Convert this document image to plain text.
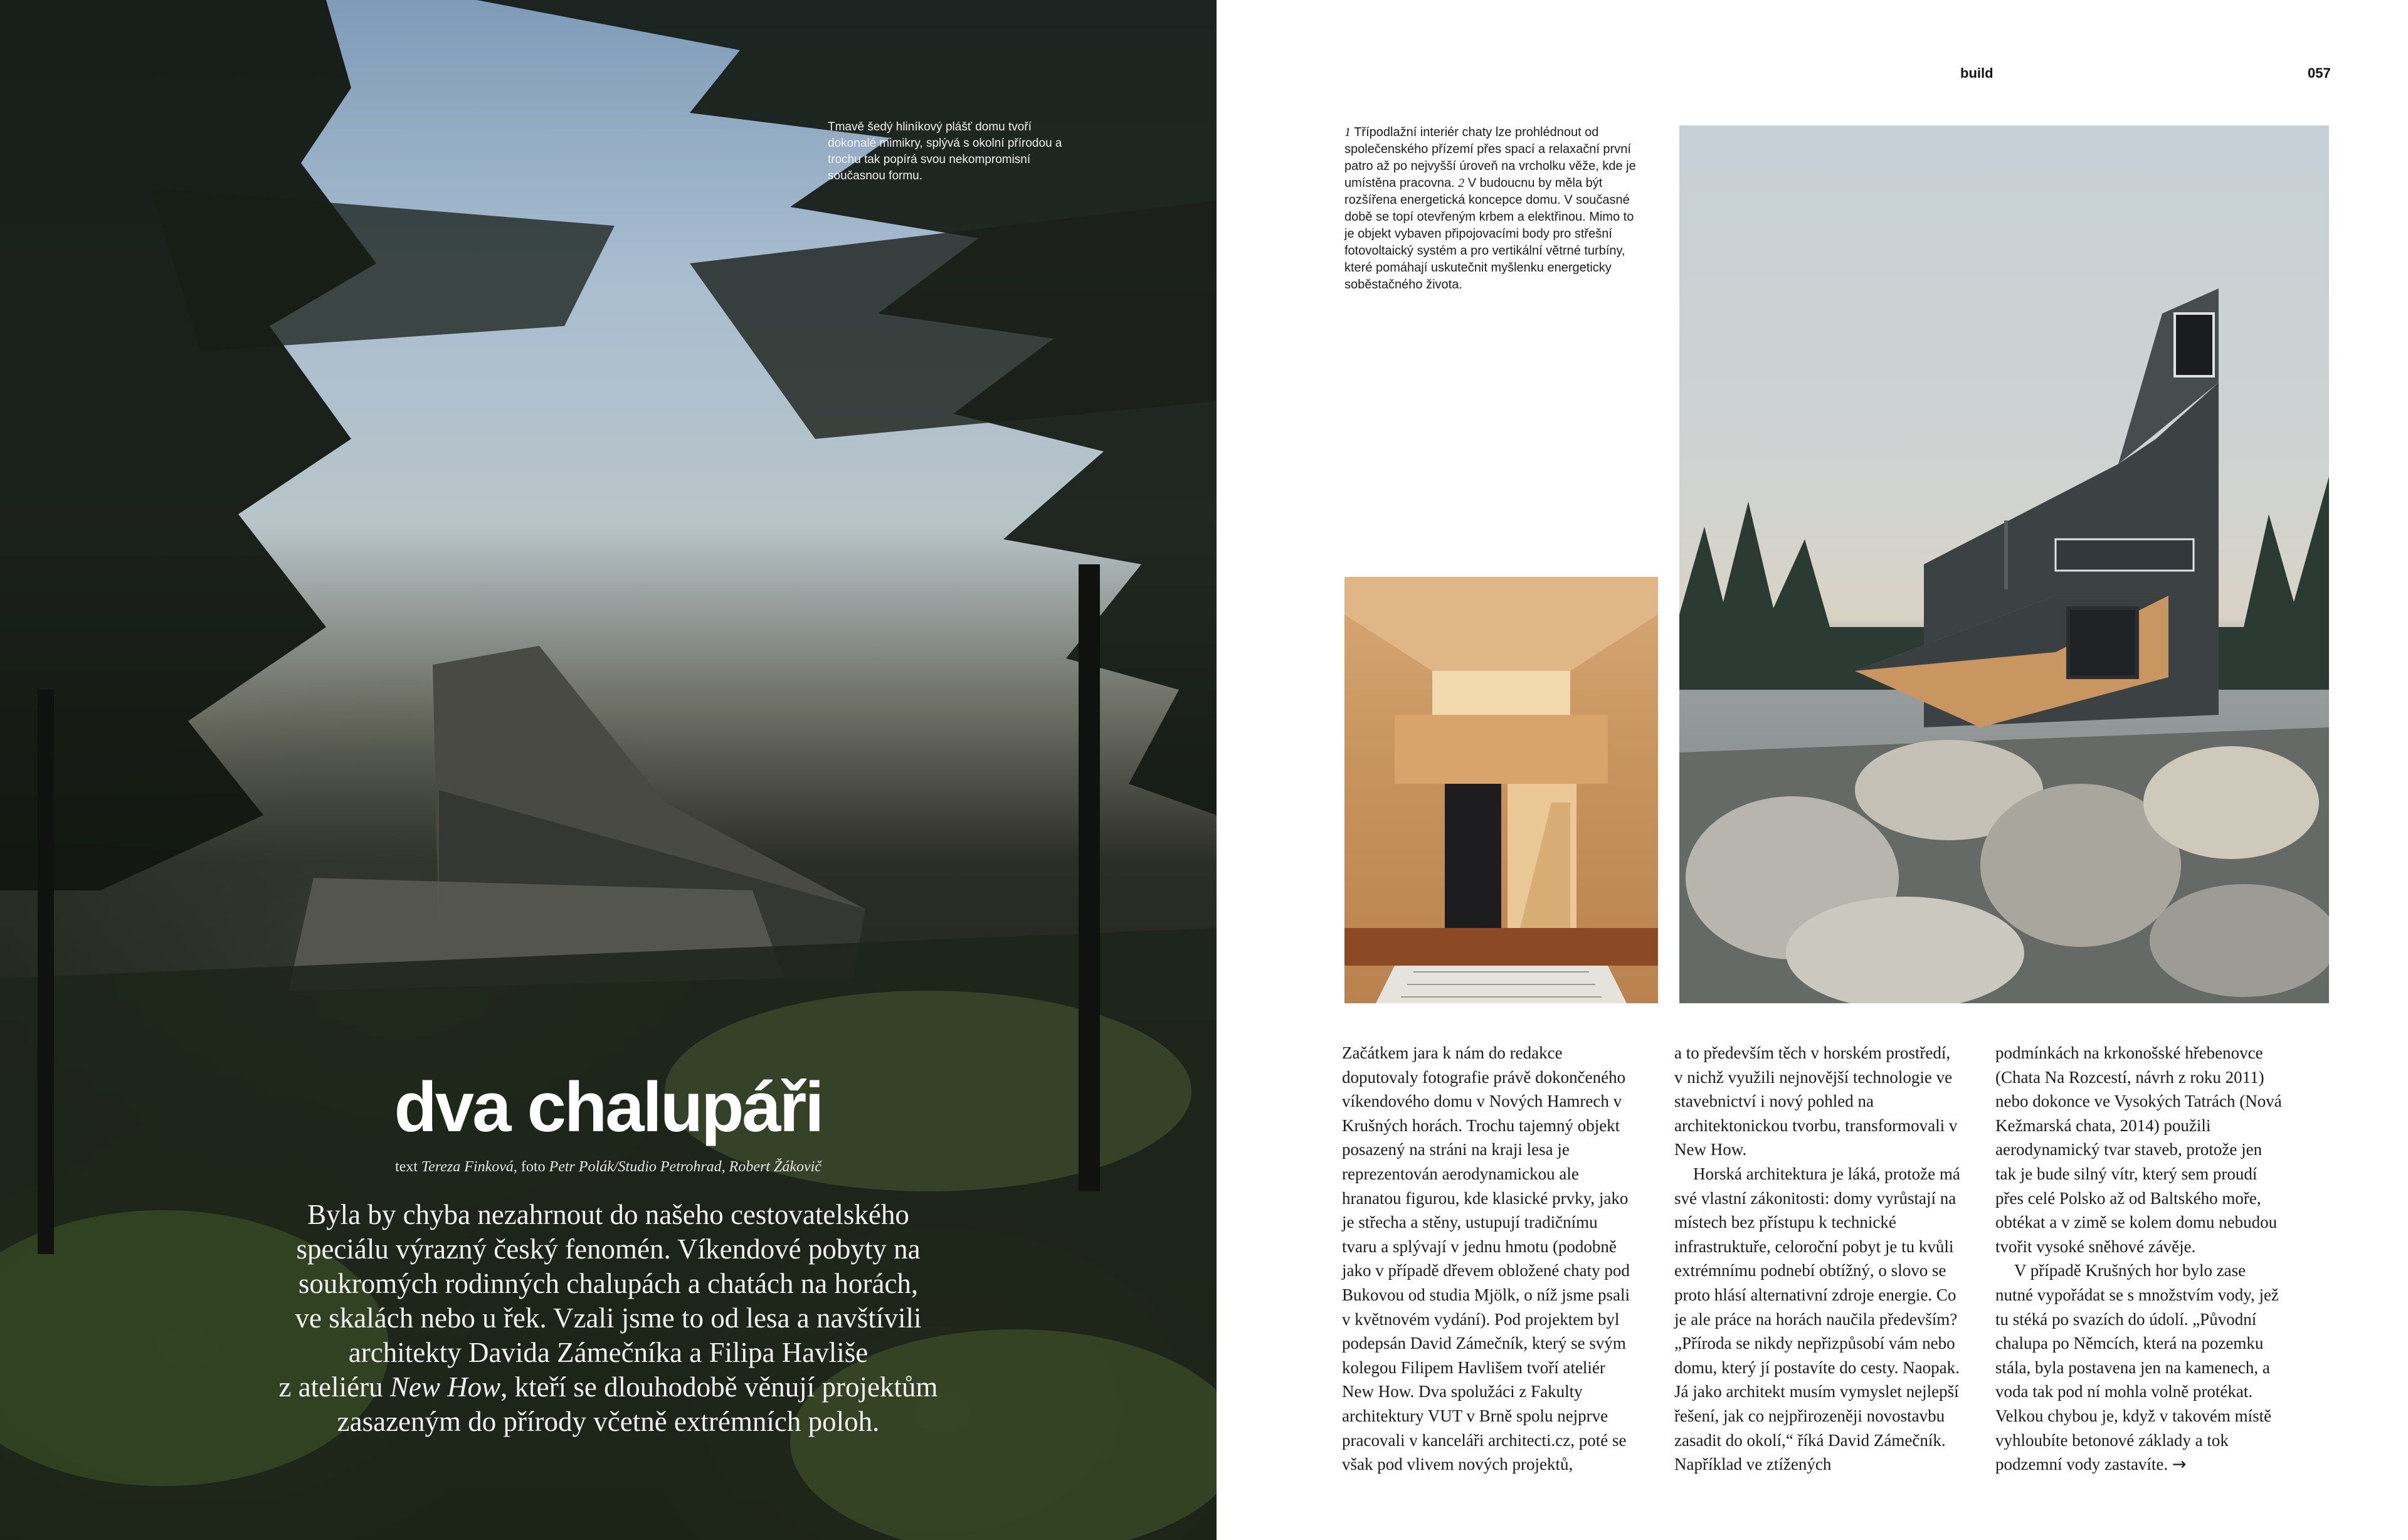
Tmavě šedý hliníkový plášť domu tvoří dokonalé mimikry, splývá s okolní přírodou a trochu tak popírá svou nekompromisní současnou formu.
dva chalupáři
text Tereza Finková, foto Petr Polák/Studio Petrohrad, Robert Žákovič

Byla by chyba nezahrnout do našeho cestovatelského

speciálu výrazný český fenomén. Víkendové pobyty na

soukromých rodinných chalupách a chatách na horách,

ve skalách nebo u řek. Vzali jsme to od lesa a navštívili

architekty Davida Zámečníka a Filipa Havliše

z ateliéru New How, kteří se dlouhodobě věnují projektům

zasazeným do přírody včetně extrémních poloh.

build	057
1 Třípodlažní interiér chaty lze prohlédnout od společenského přízemí přes spací a relaxační první patro až po nejvyšší úroveň na vrcholku věže, kde je umístěna pracovna. 2 V budoucnu by měla být rozšířena energetická koncepce domu. V současné době se topí otevřeným krbem a elektřinou. Mimo to je objekt vybaven připojovacími body pro střešní fotovoltaický systém a pro vertikální větrné turbíny, které pomáhají uskutečnit myšlenku energeticky soběstačného života.

Začátkem jara k nám do redakce doputovaly fotografie právě dokončeného víkendového domu v Nových Hamrech v Krušných horách. Trochu tajemný objekt posazený na stráni na kraji lesa je reprezentován aerodynamickou ale hranatou figurou, kde klasické prvky, jako je střecha a stěny, ustupují tradičnímu tvaru a splývají v jednu hmotu (podobně jako v případě dřevem obložené chaty pod Bukovou od studia Mjölk, o níž jsme psali v květnovém vydání). Pod projektem byl podepsán David Zámečník, který se svým kolegou Filipem Havlišem tvoří ateliér New How. Dva spolužáci z Fakulty architektury VUT v Brně spolu nejprve pracovali v kanceláři architecti.cz, poté se však pod vlivem nových projektů,

a to především těch v horském prostředí, v nichž využili nejnovější technologie ve stavebnictví i nový pohled na architektonickou tvorbu, transformovali v New How.

Horská architektura je láká, protože má své vlastní zákonitosti: domy vyrůstají na místech bez přístupu k technické infrastruktuře, celoroční pobyt je tu kvůli extrémnímu podnebí obtížný, o slovo se proto hlásí alternativní zdroje energie. Co je ale práce na horách naučila především? „Příroda se nikdy nepřizpůsobí vám nebo domu, který jí postavíte do cesty. Naopak. Já jako architekt musím vymyslet nejlepší řešení, jak co nejpřirozeněji novostavbu zasadit do okolí,“ říká David Zámečník. Například ve ztížených

podmínkách na krkonošské hřebenovce (Chata Na Rozcestí, návrh z roku 2011) nebo dokonce ve Vysokých Tatrách (Nová Kežmarská chata, 2014) použili aerodynamický tvar staveb, protože jen tak je bude silný vítr, který sem proudí přes celé Polsko až od Baltského moře, obtékat a v zimě se kolem domu nebudou tvořit vysoké sněhové závěje.

V případě Krušných hor bylo zase nutné vypořádat se s množstvím vody, jež tu stéká po svazích do údolí. „Původní chalupa po Němcích, která na pozemku stála, byla postavena jen na kamenech, a voda tak pod ní mohla volně protékat. Velkou chybou je, když v takovém místě vyhloubíte betonové základy a tok podzemní vody zastavíte. →
